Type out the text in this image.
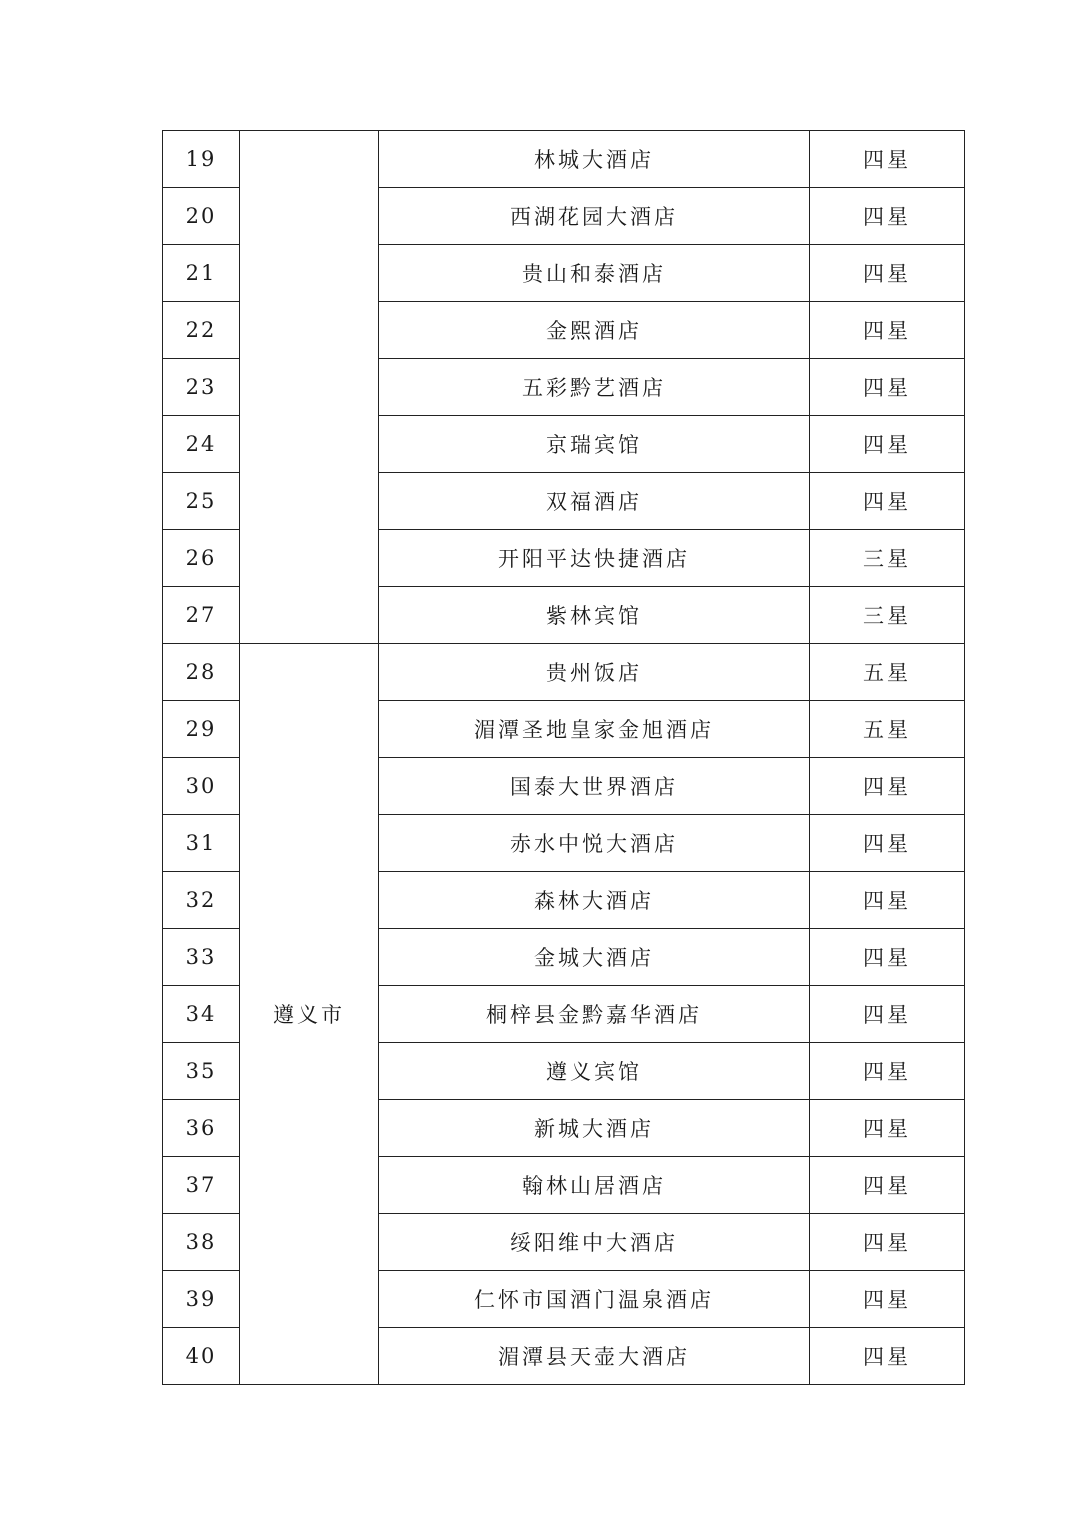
19		林城大酒店	四星
20		西湖花园大酒店	四星
21		贵山和泰酒店	四星
22		金熙酒店	四星
23		五彩黔艺酒店	四星
24		京瑞宾馆	四星
25		双福酒店	四星
26		开阳平达快捷酒店	三星
27		紫林宾馆	三星
28	遵义市	贵州饭店	五星
29		湄潭圣地皇家金旭酒店	五星
30		国泰大世界酒店	四星
31		赤水中悦大酒店	四星
32		森林大酒店	四星
33		金城大酒店	四星
34		桐梓县金黔嘉华酒店	四星
35		遵义宾馆	四星
36		新城大酒店	四星
37		翰林山居酒店	四星
38		绥阳维中大酒店	四星
39		仁怀市国酒门温泉酒店	四星
40		湄潭县天壶大酒店	四星
